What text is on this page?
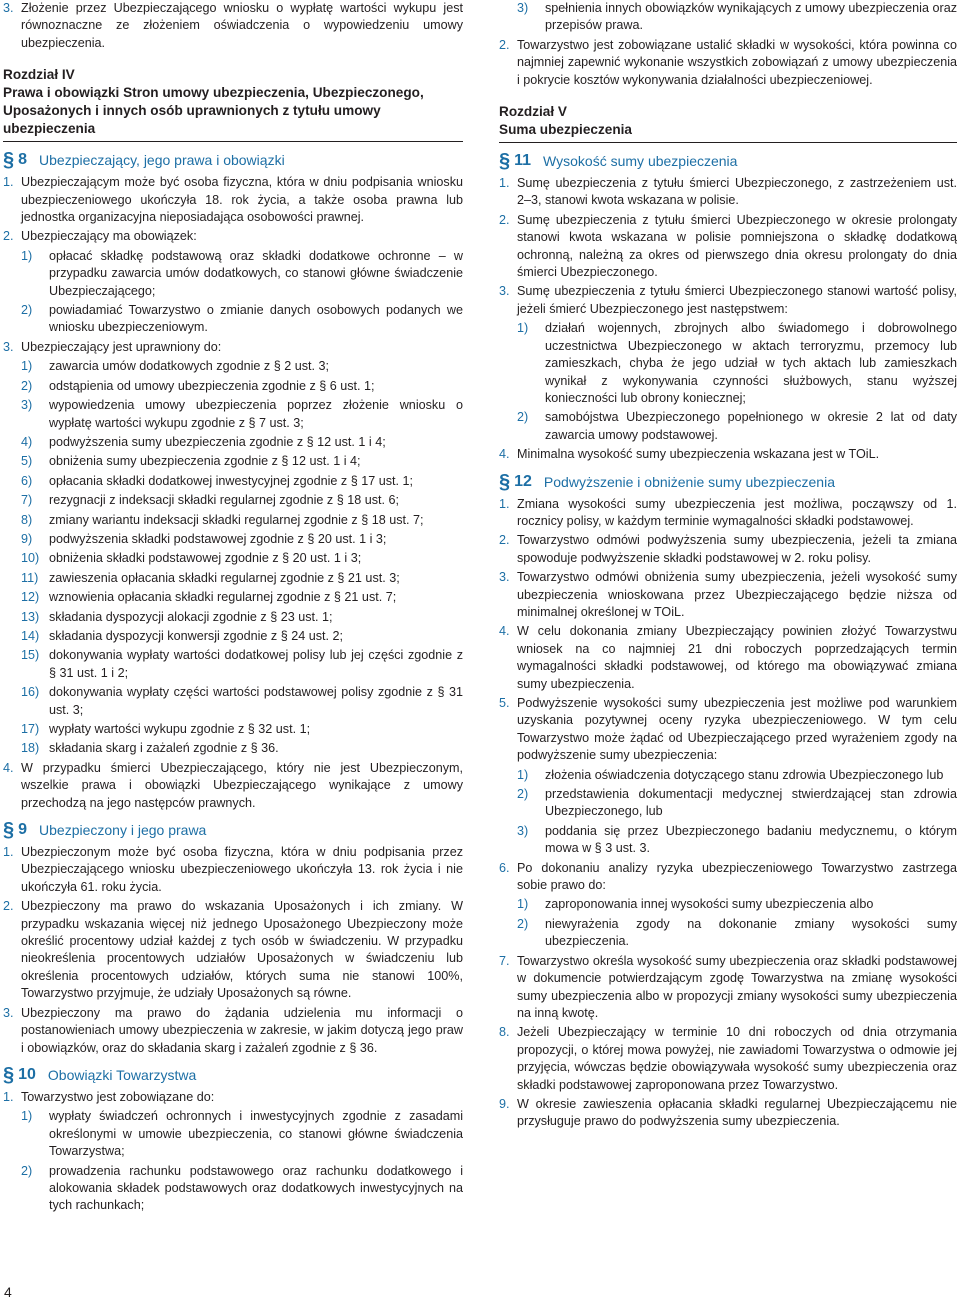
3. Złożenie przez Ubezpieczającego wniosku o wypłatę wartości wykupu jest równoznaczne ze złożeniem oświadczenia o wypowiedzeniu umowy ubezpieczenia.
Rozdział IV
Prawa i obowiązki Stron umowy ubezpieczenia, Ubezpieczonego,
Uposażonych i innych osób uprawnionych z tytułu umowy
ubezpieczenia
§ 8 Ubezpieczający, jego prawa i obowiązki
1. Ubezpieczającym może być osoba fizyczna, która w dniu podpisania wniosku ubezpieczeniowego ukończyła 18. rok życia, a także osoba prawna lub jednostka organizacyjna nieposiadająca osobowości prawnej.
2. Ubezpieczający ma obowiązek:
1) opłacać składkę podstawową oraz składki dodatkowe ochronne – w przypadku zawarcia umów dodatkowych, co stanowi główne świadczenie Ubezpieczającego;
2) powiadamiać Towarzystwo o zmianie danych osobowych podanych we wniosku ubezpieczeniowym.
3. Ubezpieczający jest uprawniony do:
1) zawarcia umów dodatkowych zgodnie z § 2 ust. 3;
2) odstąpienia od umowy ubezpieczenia zgodnie z § 6 ust. 1;
3) wypowiedzenia umowy ubezpieczenia poprzez złożenie wniosku o wypłatę wartości wykupu zgodnie z § 7 ust. 3;
4) podwyższenia sumy ubezpieczenia zgodnie z § 12 ust. 1 i 4;
5) obniżenia sumy ubezpieczenia zgodnie z § 12 ust. 1 i 4;
6) opłacania składki dodatkowej inwestycyjnej zgodnie z § 17 ust. 1;
7) rezygnacji z indeksacji składki regularnej zgodnie z § 18 ust. 6;
8) zmiany wariantu indeksacji składki regularnej zgodnie z § 18 ust. 7;
9) podwyższenia składki podstawowej zgodnie z § 20 ust. 1 i 3;
10) obniżenia składki podstawowej zgodnie z § 20 ust. 1 i 3;
11) zawieszenia opłacania składki regularnej zgodnie z § 21 ust. 3;
12) wznowienia opłacania składki regularnej zgodnie z § 21 ust. 7;
13) składania dyspozycji alokacji zgodnie z § 23 ust. 1;
14) składania dyspozycji konwersji zgodnie z § 24 ust. 2;
15) dokonywania wypłaty wartości dodatkowej polisy lub jej części zgodnie z § 31 ust. 1 i 2;
16) dokonywania wypłaty części wartości podstawowej polisy zgodnie z § 31 ust. 3;
17) wypłaty wartości wykupu zgodnie z § 32 ust. 1;
18) składania skarg i zażaleń zgodnie z § 36.
4. W przypadku śmierci Ubezpieczającego, który nie jest Ubezpieczonym, wszelkie prawa i obowiązki Ubezpieczającego wynikające z umowy przechodzą na jego następców prawnych.
§ 9 Ubezpieczony i jego prawa
1. Ubezpieczonym może być osoba fizyczna, która w dniu podpisania przez Ubezpieczającego wniosku ubezpieczeniowego ukończyła 13. rok życia i nie ukończyła 61. roku życia.
2. Ubezpieczony ma prawo do wskazania Uposażonych i ich zmiany. W przypadku wskazania więcej niż jednego Uposażonego Ubezpieczony może określić procentowy udział każdej z tych osób w świadczeniu. W przypadku nieokreślenia procentowych udziałów Uposażonych w świadczeniu lub określenia procentowych udziałów, których suma nie stanowi 100%, Towarzystwo przyjmuje, że udziały Uposażonych są równe.
3. Ubezpieczony ma prawo do żądania udzielenia mu informacji o postanowieniach umowy ubezpieczenia w zakresie, w jakim dotyczą jego praw i obowiązków, oraz do składania skarg i zażaleń zgodnie z § 36.
§ 10 Obowiązki Towarzystwa
1. Towarzystwo jest zobowiązane do:
1) wypłaty świadczeń ochronnych i inwestycyjnych zgodnie z zasadami określonymi w umowie ubezpieczenia, co stanowi główne świadczenia Towarzystwa;
2) prowadzenia rachunku podstawowego oraz rachunku dodatkowego i alokowania składek podstawowych oraz dodatkowych inwestycyjnych na tych rachunkach;
3) spełnienia innych obowiązków wynikających z umowy ubezpieczenia oraz przepisów prawa.
2. Towarzystwo jest zobowiązane ustalić składki w wysokości, która powinna co najmniej zapewnić wykonanie wszystkich zobowiązań z umowy ubezpieczenia i pokrycie kosztów wykonywania działalności ubezpieczeniowej.
Rozdział V
Suma ubezpieczenia
§ 11 Wysokość sumy ubezpieczenia
1. Sumę ubezpieczenia z tytułu śmierci Ubezpieczonego, z zastrzeżeniem ust. 2–3, stanowi kwota wskazana w polisie.
2. Sumę ubezpieczenia z tytułu śmierci Ubezpieczonego w okresie prolongaty stanowi kwota wskazana w polisie pomniejszona o składkę dodatkową ochronną, należną za okres od pierwszego dnia okresu prolongaty do dnia śmierci Ubezpieczonego.
3. Sumę ubezpieczenia z tytułu śmierci Ubezpieczonego stanowi wartość polisy, jeżeli śmierć Ubezpieczonego jest następstwem:
1) działań wojennych, zbrojnych albo świadomego i dobrowolnego uczestnictwa Ubezpieczonego w aktach terroryzmu, przemocy lub zamieszkach, chyba że jego udział w tych aktach lub zamieszkach wynikał z wykonywania czynności służbowych, stanu wyższej konieczności lub obrony koniecznej;
2) samobójstwa Ubezpieczonego popełnionego w okresie 2 lat od daty zawarcia umowy podstawowej.
4. Minimalna wysokość sumy ubezpieczenia wskazana jest w TOiL.
§ 12 Podwyższenie i obniżenie sumy ubezpieczenia
1. Zmiana wysokości sumy ubezpieczenia jest możliwa, począwszy od 1. rocznicy polisy, w każdym terminie wymagalności składki podstawowej.
2. Towarzystwo odmówi podwyższenia sumy ubezpieczenia, jeżeli ta zmiana spowoduje podwyższenie składki podstawowej w 2. roku polisy.
3. Towarzystwo odmówi obniżenia sumy ubezpieczenia, jeżeli wysokość sumy ubezpieczenia wnioskowana przez Ubezpieczającego będzie niższa od minimalnej określonej w TOiL.
4. W celu dokonania zmiany Ubezpieczający powinien złożyć Towarzystwu wniosek na co najmniej 21 dni roboczych poprzedzających termin wymagalności składki podstawowej, od którego ma obowiązywać zmiana sumy ubezpieczenia.
5. Podwyższenie wysokości sumy ubezpieczenia jest możliwe pod warunkiem uzyskania pozytywnej oceny ryzyka ubezpieczeniowego. W tym celu Towarzystwo może żądać od Ubezpieczającego przed wyrażeniem zgody na podwyższenie sumy ubezpieczenia:
1) złożenia oświadczenia dotyczącego stanu zdrowia Ubezpieczonego lub
2) przedstawienia dokumentacji medycznej stwierdzającej stan zdrowia Ubezpieczonego, lub
3) poddania się przez Ubezpieczonego badaniu medycznemu, o którym mowa w § 3 ust. 3.
6. Po dokonaniu analizy ryzyka ubezpieczeniowego Towarzystwo zastrzega sobie prawo do:
1) zaproponowania innej wysokości sumy ubezpieczenia albo
2) niewyrażenia zgody na dokonanie zmiany wysokości sumy ubezpieczenia.
7. Towarzystwo określa wysokość sumy ubezpieczenia oraz składki podstawowej w dokumencie potwierdzającym zgodę Towarzystwa na zmianę wysokości sumy ubezpieczenia albo w propozycji zmiany wysokości sumy ubezpieczenia na inną kwotę.
8. Jeżeli Ubezpieczający w terminie 10 dni roboczych od dnia otrzymania propozycji, o której mowa powyżej, nie zawiadomi Towarzystwa o odmowie jej przyjęcia, wówczas będzie obowiązywała wysokość sumy ubezpieczenia oraz składki podstawowej zaproponowana przez Towarzystwo.
9. W okresie zawieszenia opłacania składki regularnej Ubezpieczającemu nie przysługuje prawo do podwyższenia sumy ubezpieczenia.
4
